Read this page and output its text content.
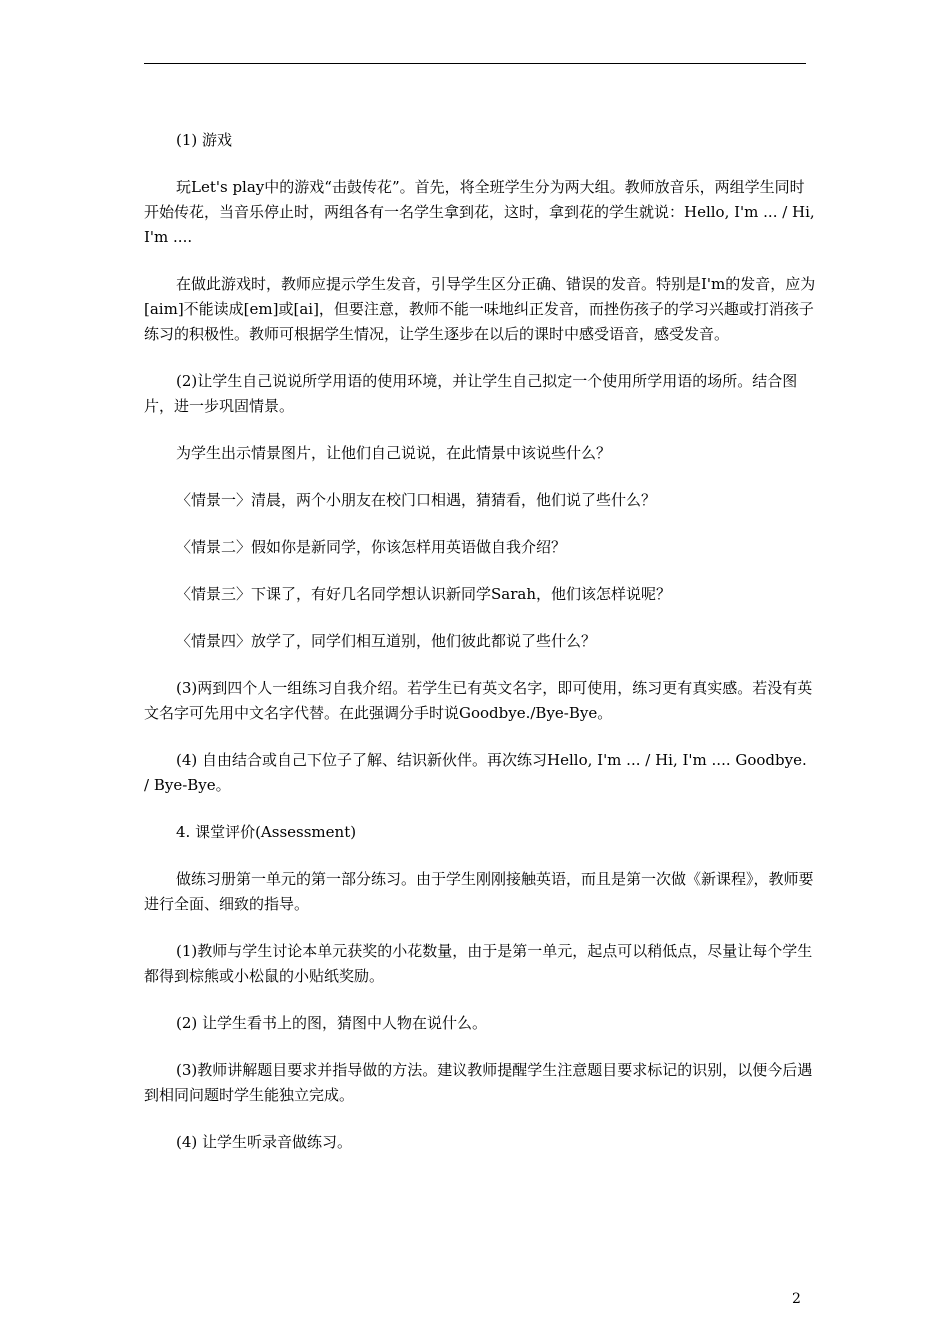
(1) 游戏

玩Let's play中的游戏“击鼓传花”。首先，将全班学生分为两大组。教师放音乐，两组学生同时开始传花，当音乐停止时，两组各有一名学生拿到花，这时，拿到花的学生就说：Hello, I'm ... / Hi, I'm ....

在做此游戏时，教师应提示学生发音，引导学生区分正确、错误的发音。特别是I'm的发音，应为[aim]不能读成[em]或[ai]，但要注意，教师不能一味地纠正发音，而挫伤孩子的学习兴趣或打消孩子练习的积极性。教师可根据学生情况，让学生逐步在以后的课时中感受语音，感受发音。

(2)让学生自己说说所学用语的使用环境，并让学生自己拟定一个使用所学用语的场所。结合图片，进一步巩固情景。

为学生出示情景图片，让他们自己说说，在此情景中该说些什么？

〈情景一〉清晨，两个小朋友在校门口相遇，猜猜看，他们说了些什么？

〈情景二〉假如你是新同学，你该怎样用英语做自我介绍？

〈情景三〉下课了，有好几名同学想认识新同学Sarah，他们该怎样说呢？

〈情景四〉放学了，同学们相互道别，他们彼此都说了些什么？

(3)两到四个人一组练习自我介绍。若学生已有英文名字，即可使用，练习更有真实感。若没有英文名字可先用中文名字代替。在此强调分手时说Goodbye./Bye-Bye。

(4) 自由结合或自己下位子了解、结识新伙伴。再次练习Hello, I'm ... / Hi, I'm .... Goodbye. / Bye-Bye。

4. 课堂评价(Assessment)

做练习册第一单元的第一部分练习。由于学生刚刚接触英语，而且是第一次做《新课程》，教师要进行全面、细致的指导。

(1)教师与学生讨论本单元获奖的小花数量，由于是第一单元，起点可以稍低点，尽量让每个学生都得到棕熊或小松鼠的小贴纸奖励。

(2) 让学生看书上的图，猜图中人物在说什么。

(3)教师讲解题目要求并指导做的方法。建议教师提醒学生注意题目要求标记的识别，以便今后遇到相同问题时学生能独立完成。

(4) 让学生听录音做练习。

2
